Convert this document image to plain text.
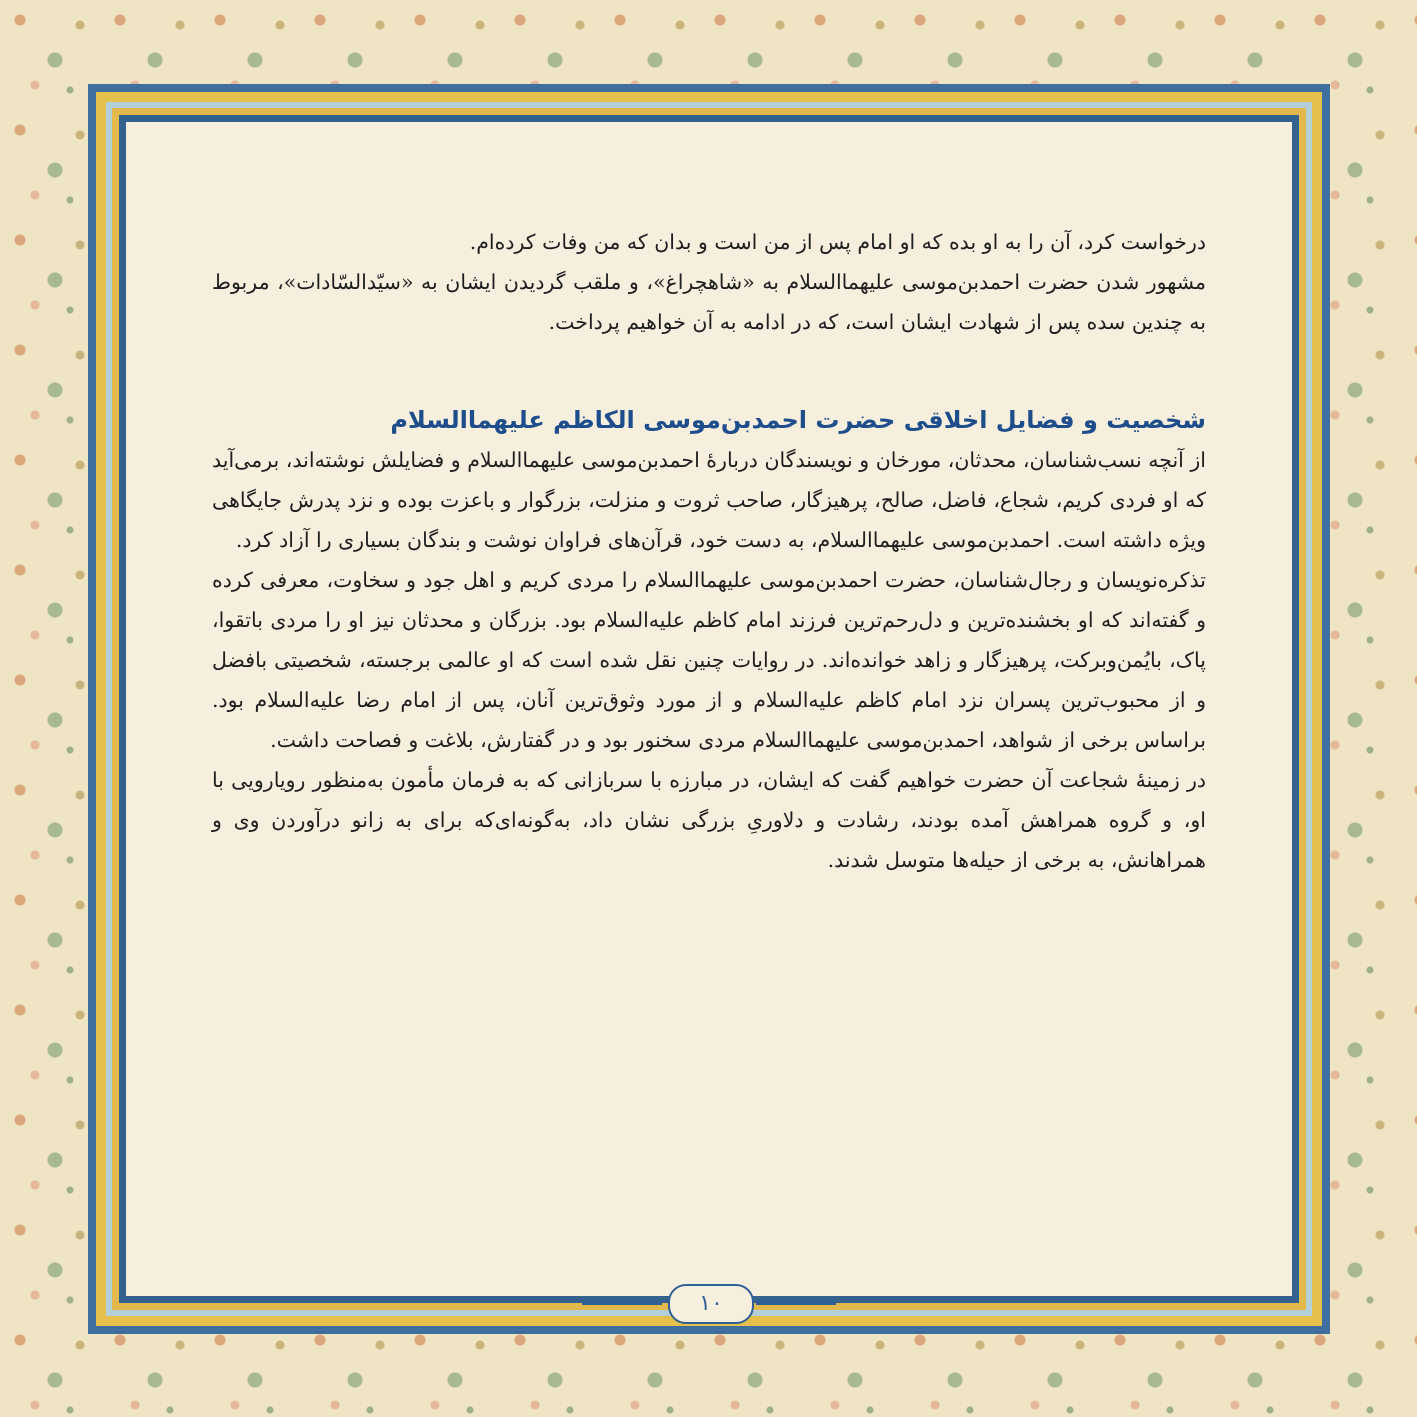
درخواست کرد، آن را به او بده که او امام پس از من است و بدان که من وفات کرده‌ام.

مشهور شدن حضرت احمدبن‌موسی علیهماالسلام به «شاهچراغ»، و ملقب گردیدن ایشان به «سیّدالسّادات»، مربوط به چندین سده پس از شهادت ایشان است، که در ادامه به آن خواهیم پرداخت.

شخصیت و فضایل اخلاقی حضرت احمدبن‌موسی الکاظم علیهماالسلام

از آنچه نسب‌شناسان، محدثان، مورخان و نویسندگان دربارهٔ احمدبن‌موسی علیهماالسلام و فضایلش نوشته‌اند، برمی‌آید که او فردی کریم، شجاع، فاضل، صالح، پرهیزگار، صاحب ثروت و منزلت، بزرگوار و باعزت بوده و نزد پدرش جایگاهی ویژه داشته است. احمدبن‌موسی علیهماالسلام، به دست خود، قرآن‌های فراوان نوشت و بندگان بسیاری را آزاد کرد.

تذکره‌نویسان و رجال‌شناسان، حضرت احمدبن‌موسی علیهماالسلام را مردی کریم و اهل جود و سخاوت، معرفی کرده و گفته‌اند که او بخشنده‌ترین و دل‌رحم‌ترین فرزند امام کاظم علیه‌السلام بود. بزرگان و محدثان نیز او را مردی باتقوا، پاک، بایُمن‌وبرکت، پرهیزگار و زاهد خوانده‌اند. در روایات چنین نقل شده است که او عالمی برجسته، شخصیتی بافضل و از محبوب‌ترین پسران نزد امام کاظم علیه‌السلام و از مورد وثوق‌ترین آنان، پس از امام رضا علیه‌السلام بود. براساس برخی از شواهد، احمدبن‌موسی علیهماالسلام مردی سخنور بود و در گفتارش، بلاغت و فصاحت داشت.

در زمینهٔ شجاعت آن حضرت خواهیم گفت که ایشان، در مبارزه با سربازانی که به فرمان مأمون به‌منظور رویارویی با او، و گروه همراهش آمده بودند، رشادت و دلاوریِ بزرگی نشان داد، به‌گونه‌ای‌که برای به زانو درآوردن وی و همراهانش، به برخی از حیله‌ها متوسل شدند.

۱۰
